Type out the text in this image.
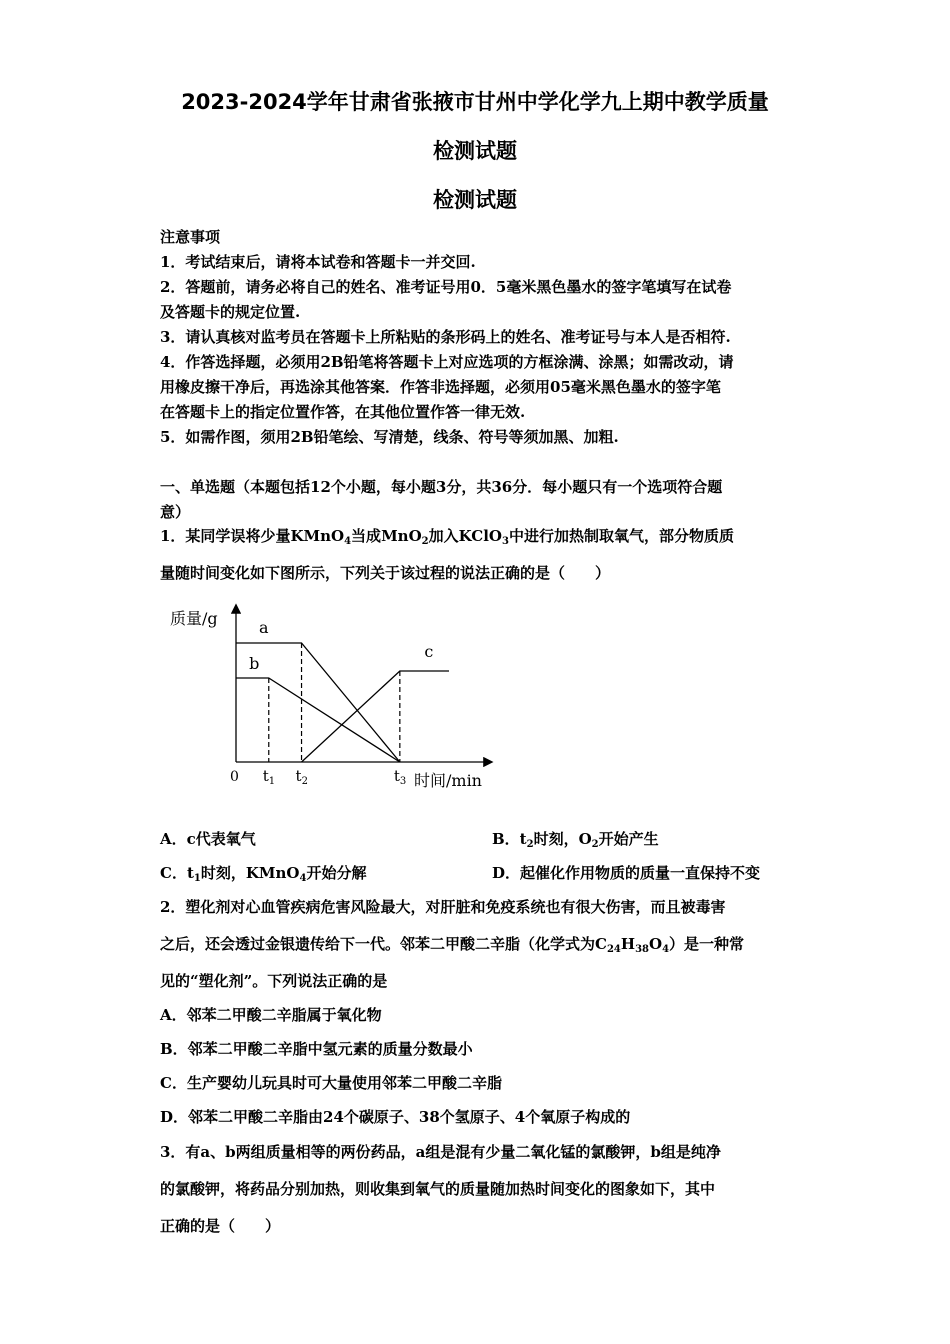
2023-2024学年甘肃省张掖市甘州中学化学九上期中教学质量
检测试题
检测试题
注意事项
1．考试结束后，请将本试卷和答题卡一并交回.
2．答题前，请务必将自己的姓名、准考证号用0．5毫米黑色墨水的签字笔填写在试卷
及答题卡的规定位置.
3．请认真核对监考员在答题卡上所粘贴的条形码上的姓名、准考证号与本人是否相符.
4．作答选择题，必须用2B铅笔将答题卡上对应选项的方框涂满、涂黑；如需改动，请
用橡皮擦干净后，再选涂其他答案．作答非选择题，必须用05毫米黑色墨水的签字笔
在答题卡上的指定位置作答，在其他位置作答一律无效.
5．如需作图，须用2B铅笔绘、写清楚，线条、符号等须加黑、加粗.
一、单选题（本题包括12个小题，每小题3分，共36分．每小题只有一个选项符合题
意）
1．某同学误将少量KMnO$_4$当成MnO$_2$加入KClO$_3$中进行加热制取氧气，部分物质质
量随时间变化如下图所示，下列关于该过程的说法正确的是（　　）
质量/g
时间/min
0 $t_1$ $t_2$	$t_3$
a
b
c
A．c代表氧气	B．$t_2$时刻，$O_2$开始产生
C．$t_1$时刻，KMnO$_4$开始分解	D．起催化作用物质的质量一直保持不变
2．塑化剂对心血管疾病危害风险最大，对肝脏和免疫系统也有很大伤害，而且被毒害
之后，还会透过金银遗传给下一代。邻苯二甲酸二辛脂（化学式为$C_{24}H_{38}O_4$）是一种常
见的“塑化剂”。下列说法正确的是
A．邻苯二甲酸二辛脂属于氧化物
B．邻苯二甲酸二辛脂中氢元素的质量分数最小
C．生产婴幼儿玩具时可大量使用邻苯二甲酸二辛脂
D．邻苯二甲酸二辛脂由24个碳原子、38个氢原子、4个氧原子构成的
3．有a、b两组质量相等的两份药品，a组是混有少量二氧化锰的氯酸钾，b组是纯净
的氯酸钾，将药品分别加热，则收集到氧气的质量随加热时间变化的图象如下，其中
正确的是（　　）
